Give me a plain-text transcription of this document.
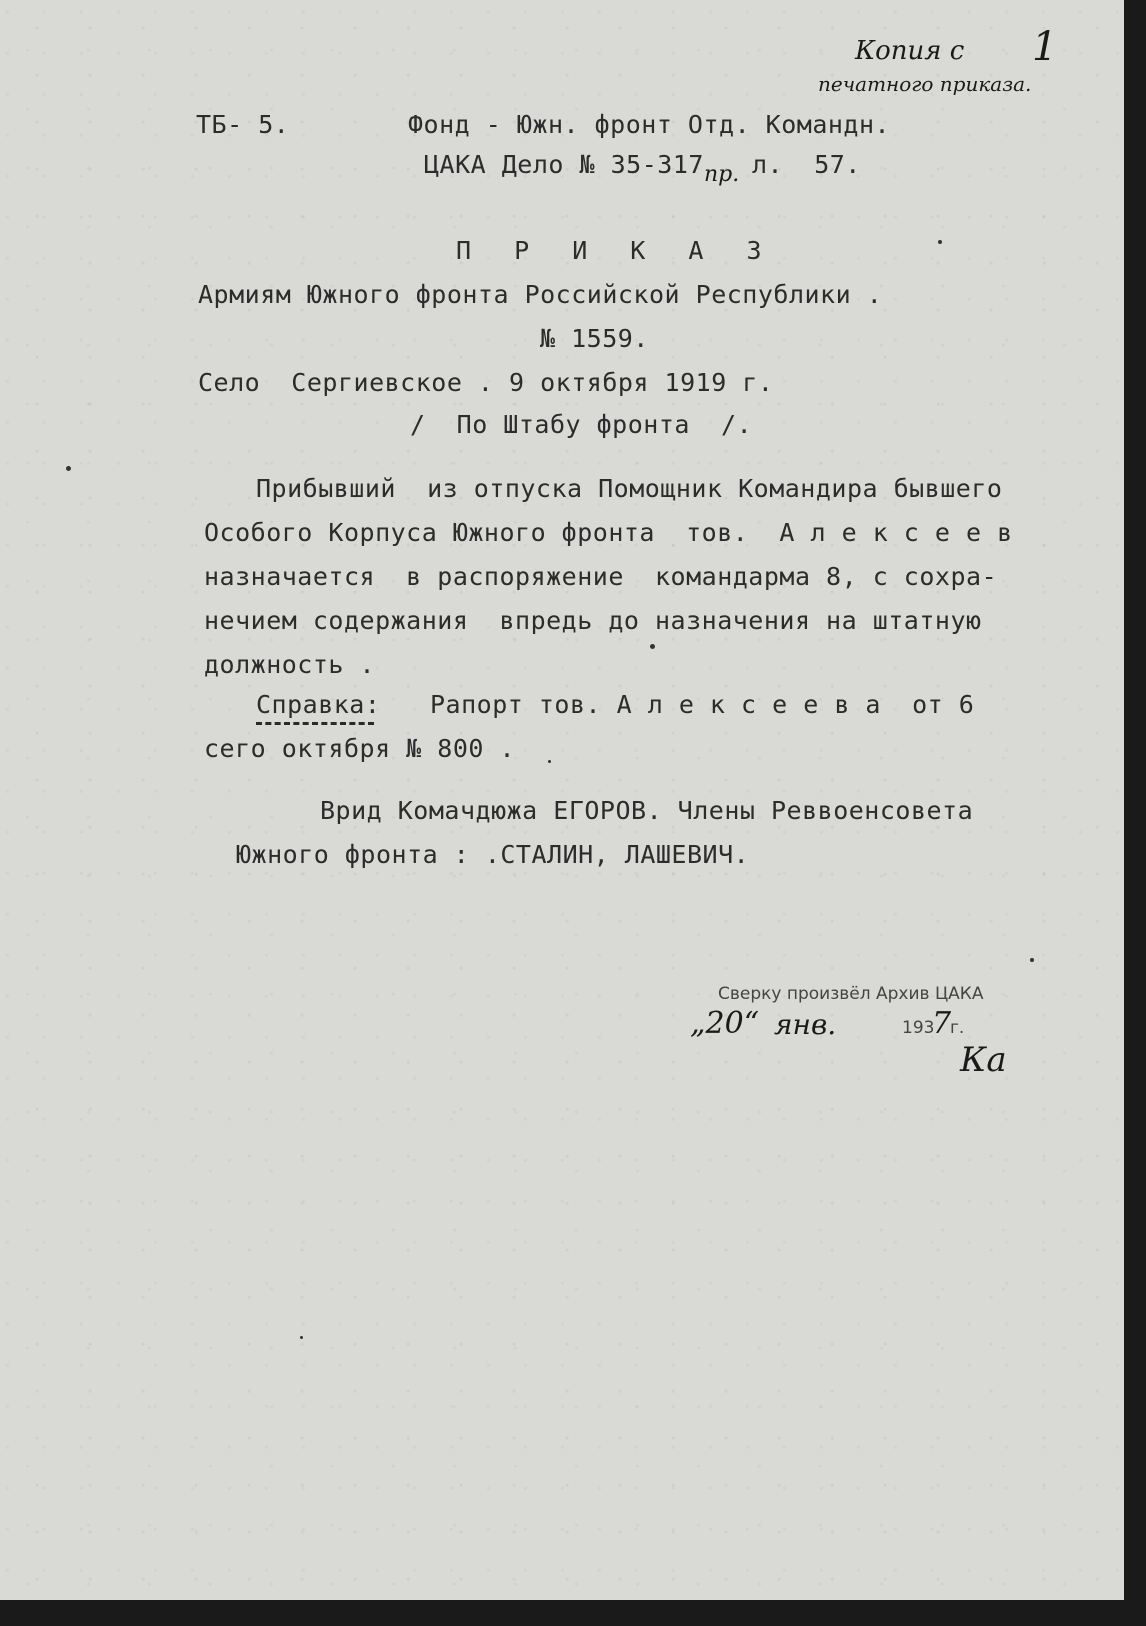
Копия с 1
печатного приказа.
ТБ- 5.	Фонд - Южн. фронт Отд. Командн.
ЦАКА Дело № 35-317 пр. л.  57.
П Р И К А З
Армиям Южного фронта Российской Республики .
№ 1559.
Село  Сергиевское . 9 октября 1919 г.
/  По Штабу фронта  /.
Прибывший  из отпуска Помощник Командира бывшего
Особого Корпуса Южного фронта  тов.  А л е к с е е в
назначается  в распоряжение  командарма 8, с сохра-
нечием содержания  впредь до назначения на штатную
должность .
Справка: Рапорт тов. А л е к с е е в а  от 6
сего октября № 800 .
Врид Комачдюжа ЕГОРОВ. Члены Реввоенсовета
Южного фронта : .СТАЛИН, ЛАШЕВИЧ.
Сверку произвёл Архив ЦАКА
„20“ янв.	193
7
г.
Ка
